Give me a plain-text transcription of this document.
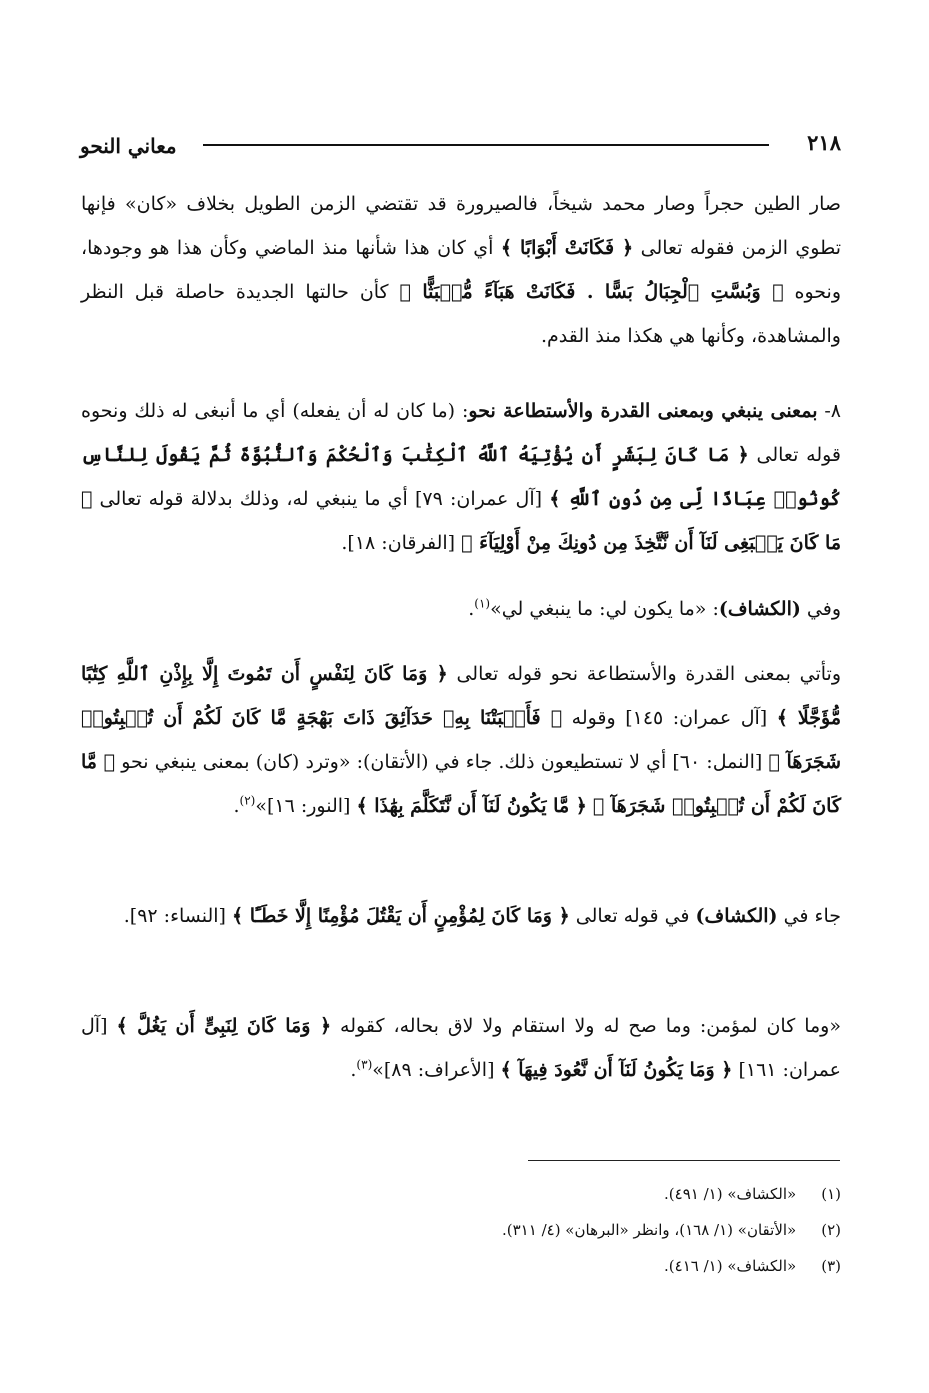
٢١٨
معاني النحو

صار الطين حجراً وصار محمد شيخاً، فالصيرورة قد تقتضي الزمن الطويل بخلاف «كان» فإنها تطوي الزمن فقوله تعالى ﴿ فَكَانَتْ أَبْوَابًا ﴾ أي كان هذا شأنها منذ الماضي وكأن هذا هو وجودها، ونحوه ﴿ وَبُسَّتِ ٱلْجِبَالُ بَسًّا . فَكَانَتْ هَبَآءً مُّنۢبَثًّا ﴾ كأن حالتها الجديدة حاصلة قبل النظر والمشاهدة، وكأنها هي هكذا منذ القدم.

٨- بمعنى ينبغي وبمعنى القدرة والأستطاعة نحو: (ما كان له أن يفعله) أي ما أنبغى له ذلك ونحوه قوله تعالى ﴿ مَا كَانَ لِبَشَرٍ أَن يُؤْتِيَهُ ٱللَّهُ ٱلْكِتَٰبَ وَٱلْحُكْمَ وَٱلنُّبُوَّةَ ثُمَّ يَقُولَ لِلنَّاسِ كُونُوا۟ عِبَادًا لِّى مِن دُونِ ٱللَّهِ ﴾ [آل عمران: ٧٩] أي ما ينبغي له، وذلك بدلالة قوله تعالى ﴿ مَا كَانَ يَنۢبَغِى لَنَآ أَن نَّتَّخِذَ مِن دُونِكَ مِنْ أَوْلِيَآءَ ﴾ [الفرقان: ١٨].

وفي (الكشاف): «ما يكون لي: ما ينبغي لي»$^{(١)}$.

وتأتي بمعنى القدرة والأستطاعة نحو قوله تعالى ﴿ وَمَا كَانَ لِنَفْسٍ أَن تَمُوتَ إِلَّا بِإِذْنِ ٱللَّهِ كِتَٰبًا مُّؤَجَّلًا ﴾ [آل عمران: ١٤٥] وقوله ﴿ فَأَنۢبَتْنَا بِهِۦ حَدَآئِقَ ذَاتَ بَهْجَةٍ مَّا كَانَ لَكُمْ أَن تُنۢبِتُوا۟ شَجَرَهَآ ﴾ [النمل: ٦٠] أي لا تستطيعون ذلك. جاء في (الأتقان): «وترد (كان) بمعنى ينبغي نحو ﴿ مَّا كَانَ لَكُمْ أَن تُنۢبِتُوا۟ شَجَرَهَآ ﴾ ﴿ مَّا يَكُونُ لَنَآ أَن نَّتَكَلَّمَ بِهَٰذَا ﴾ [النور: ١٦]»$^{(٢)}$.

جاء في (الكشاف) في قوله تعالى ﴿ وَمَا كَانَ لِمُؤْمِنٍ أَن يَقْتُلَ مُؤْمِنًا إِلَّا خَطَـًٔا ﴾ [النساء: ٩٢].

«وما كان لمؤمن: وما صح له ولا استقام ولا لاق بحاله، كقوله ﴿ وَمَا كَانَ لِنَبِىٍّ أَن يَغُلَّ ﴾ [آل عمران: ١٦١] ﴿ وَمَا يَكُونُ لَنَآ أَن نَّعُودَ فِيهَآ ﴾ [الأعراف: ٨٩]»$^{(٣)}$.

(١) «الكشاف» (١/ ٤٩١).
(٢) «الأتقان» (١/ ١٦٨)، وانظر «البرهان» (٤/ ٣١١).
(٣) «الكشاف» (١/ ٤١٦).
